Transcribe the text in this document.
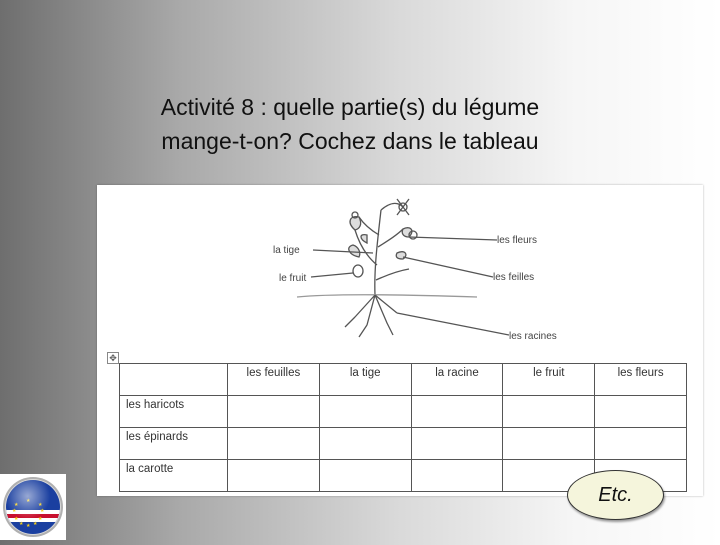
Activité 8 : quelle partie(s) du légume
mange-t-on? Cochez dans le tableau
la tige
le fruit
les fleurs
les feilles
les racines
✥
	les feuilles	la tige	la racine	le fruit	les fleurs
les haricots					
les épinards					
la carotte					
Etc.
